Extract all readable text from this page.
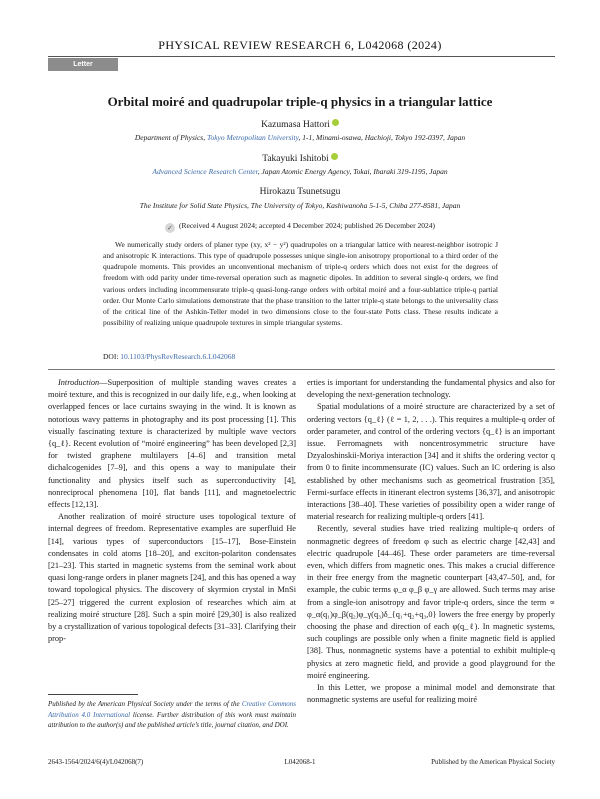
PHYSICAL REVIEW RESEARCH 6, L042068 (2024)
Letter
Orbital moiré and quadrupolar triple-q physics in a triangular lattice
Kazumasa Hattori
Department of Physics, Tokyo Metropolitan University, 1-1, Minami-osawa, Hachioji, Tokyo 192-0397, Japan
Takayuki Ishitobi
Advanced Science Research Center, Japan Atomic Energy Agency, Tokai, Ibaraki 319-1195, Japan
Hirokazu Tsunetsugu
The Institute for Solid State Physics, The University of Tokyo, Kashiwanoha 5-1-5, Chiba 277-8581, Japan
✓ (Received 4 August 2024; accepted 4 December 2024; published 26 December 2024)

We numerically study orders of planer type (xy, x² − y²) quadrupoles on a triangular lattice with nearest-neighbor isotropic J and anisotropic K interactions. This type of quadrupole possesses unique single-ion anisotropy proportional to a third order of the quadrupole moments. This provides an unconventional mechanism of triple-q orders which does not exist for the degrees of freedom with odd parity under time-reversal operation such as magnetic dipoles. In addition to several single-q orders, we find various orders including incommensurate triple-q quasi-long-range orders with orbital moiré and a four-sublattice triple-q partial order. Our Monte Carlo simulations demonstrate that the phase transition to the latter triple-q state belongs to the universality class of the critical line of the Ashkin-Teller model in two dimensions close to the four-state Potts class. These results indicate a possibility of realizing unique quadrupole textures in simple triangular systems.

DOI: 10.1103/PhysRevResearch.6.L042068

Introduction—Superposition of multiple standing waves creates a moiré texture, and this is recognized in our daily life, e.g., when looking at overlapped fences or lace curtains swaying in the wind. It is known as notorious wavy patterns in photography and its post processing [1]. This visually fascinating texture is characterized by multiple wave vectors {q_ℓ}. Recent evolution of “moiré engineering” has been developed [2,3] for twisted graphene multilayers [4–6] and transition metal dichalcogenides [7–9], and this opens a way to manipulate their functionality and physics itself such as superconductivity [4], nonreciprocal phenomena [10], flat bands [11], and magnetoelectric effects [12,13].

Another realization of moiré structure uses topological texture of internal degrees of freedom. Representative examples are superfluid He [14], various types of superconductors [15–17], Bose-Einstein condensates in cold atoms [18–20], and exciton-polariton condensates [21–23]. This started in magnetic systems from the seminal work about quasi long-range orders in planer magnets [24], and this has opened a way toward topological physics. The discovery of skyrmion crystal in MnSi [25–27] triggered the current explosion of researches which aim at realizing moiré structure [28]. Such a spin moiré [29,30] is also realized by a crystallization of various topological defects [31–33]. Clarifying their prop-

erties is important for understanding the fundamental physics and also for developing the next-generation technology.

Spatial modulations of a moiré structure are characterized by a set of ordering vectors {q_ℓ} (ℓ = 1, 2, . . .). This requires a multiple-q order of order parameter, and control of the ordering vectors {q_ℓ} is an important issue. Ferromagnets with noncentrosymmetric structure have Dzyaloshinskii-Moriya interaction [34] and it shifts the ordering vector q from 0 to finite incommensurate (IC) values. Such an IC ordering is also established by other mechanisms such as geometrical frustration [35], Fermi-surface effects in itinerant electron systems [36,37], and anisotropic interactions [38–40]. These varieties of possibility open a wider range of material research for realizing multiple-q orders [41].

Recently, several studies have tried realizing multiple-q orders of nonmagnetic degrees of freedom φ such as electric charge [42,43] and electric quadrupole [44–46]. These order parameters are time-reversal even, which differs from magnetic ones. This makes a crucial difference in their free energy from the magnetic counterpart [43,47–50], and, for example, the cubic terms φ_α φ_β φ_γ are allowed. Such terms may arise from a single-ion anisotropy and favor triple-q orders, since the term ∝ φ_α(q₁)φ_β(q₂)φ_γ(q₃)δ_{q₁+q₂+q₃,0} lowers the free energy by properly choosing the phase and direction of each φ(q_ℓ). In magnetic systems, such couplings are possible only when a finite magnetic field is applied [38]. Thus, nonmagnetic systems have a potential to exhibit multiple-q physics at zero magnetic field, and provide a good playground for the moiré engineering.

In this Letter, we propose a minimal model and demonstrate that nonmagnetic systems are useful for realizing moiré

Published by the American Physical Society under the terms of the Creative Commons Attribution 4.0 International license. Further distribution of this work must maintain attribution to the author(s) and the published article’s title, journal citation, and DOI.
2643-1564/2024/6(4)/L042068(7)	L042068-1	Published by the American Physical Society
